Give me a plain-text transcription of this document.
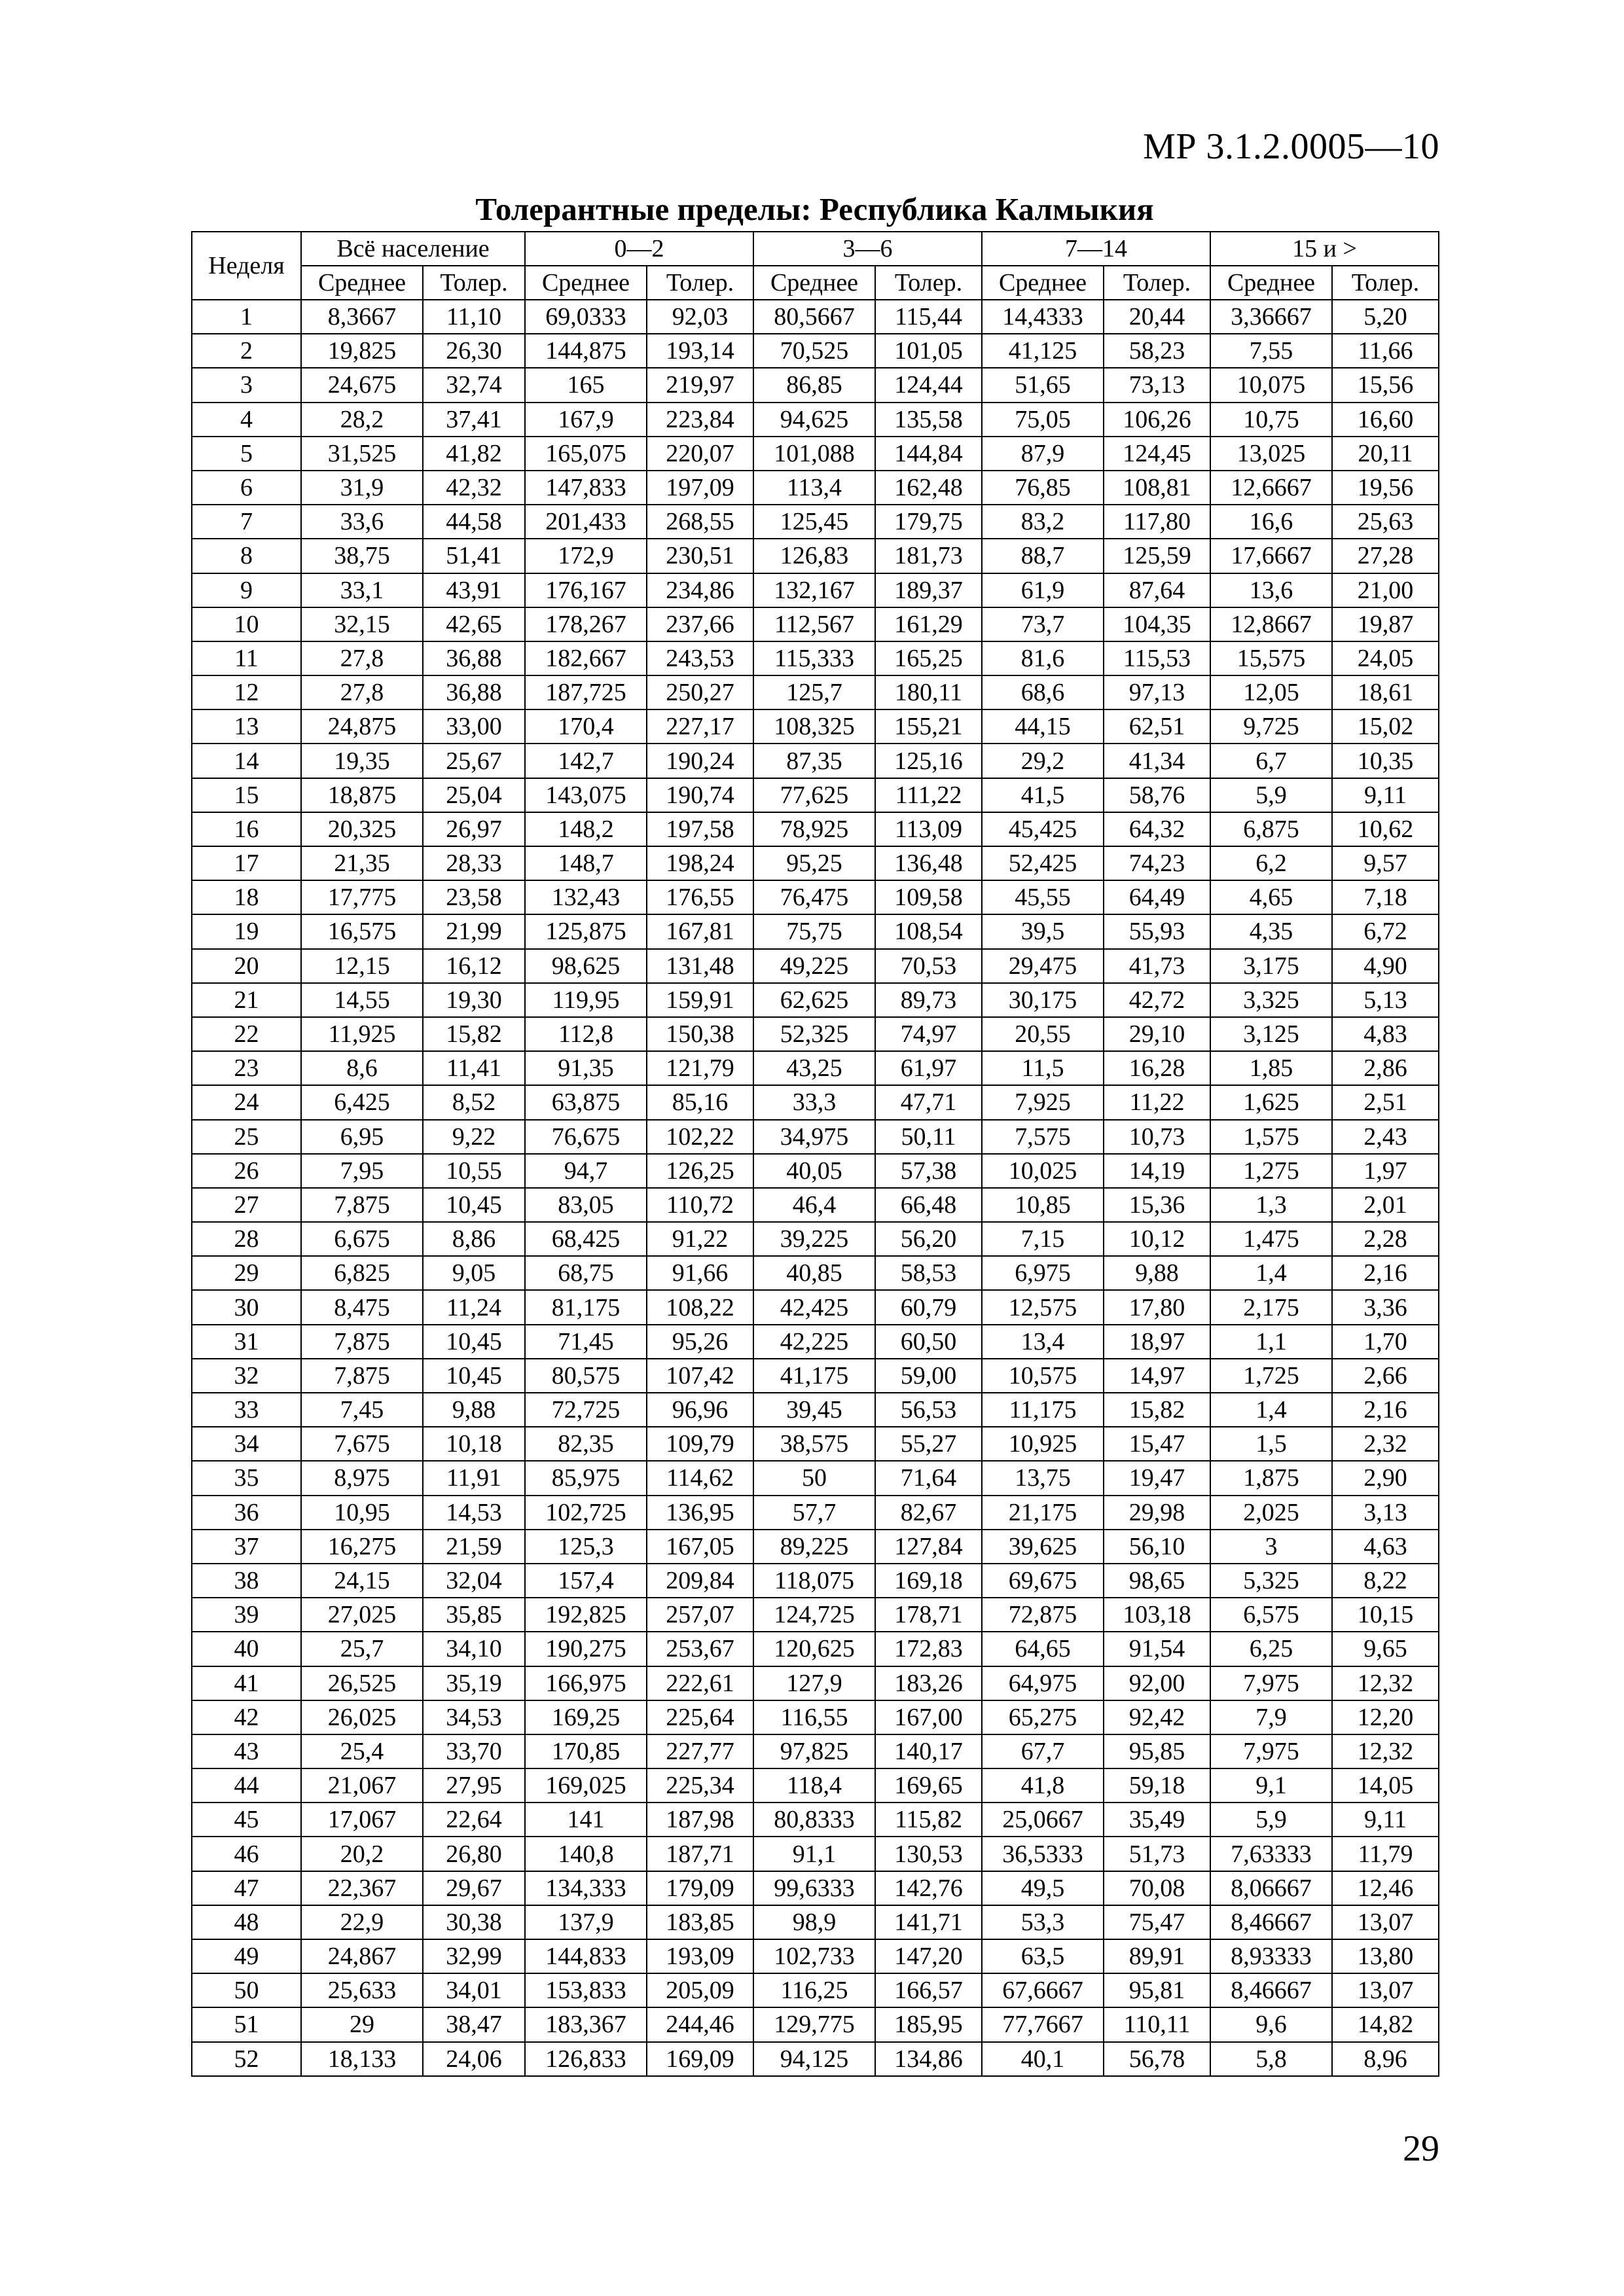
МР 3.1.2.0005—10
Толерантные пределы: Республика Калмыкия
Неделя	Всё население		0—2		3—6		7—14		15 и >	
	Среднее	Толер.	Среднее	Толер.	Среднее	Толер.	Среднее	Толер.	Среднее	Толер.
1	8,3667	11,10	69,0333	92,03	80,5667	115,44	14,4333	20,44	3,36667	5,20
2	19,825	26,30	144,875	193,14	70,525	101,05	41,125	58,23	7,55	11,66
3	24,675	32,74	165	219,97	86,85	124,44	51,65	73,13	10,075	15,56
4	28,2	37,41	167,9	223,84	94,625	135,58	75,05	106,26	10,75	16,60
5	31,525	41,82	165,075	220,07	101,088	144,84	87,9	124,45	13,025	20,11
6	31,9	42,32	147,833	197,09	113,4	162,48	76,85	108,81	12,6667	19,56
7	33,6	44,58	201,433	268,55	125,45	179,75	83,2	117,80	16,6	25,63
8	38,75	51,41	172,9	230,51	126,83	181,73	88,7	125,59	17,6667	27,28
9	33,1	43,91	176,167	234,86	132,167	189,37	61,9	87,64	13,6	21,00
10	32,15	42,65	178,267	237,66	112,567	161,29	73,7	104,35	12,8667	19,87
11	27,8	36,88	182,667	243,53	115,333	165,25	81,6	115,53	15,575	24,05
12	27,8	36,88	187,725	250,27	125,7	180,11	68,6	97,13	12,05	18,61
13	24,875	33,00	170,4	227,17	108,325	155,21	44,15	62,51	9,725	15,02
14	19,35	25,67	142,7	190,24	87,35	125,16	29,2	41,34	6,7	10,35
15	18,875	25,04	143,075	190,74	77,625	111,22	41,5	58,76	5,9	9,11
16	20,325	26,97	148,2	197,58	78,925	113,09	45,425	64,32	6,875	10,62
17	21,35	28,33	148,7	198,24	95,25	136,48	52,425	74,23	6,2	9,57
18	17,775	23,58	132,43	176,55	76,475	109,58	45,55	64,49	4,65	7,18
19	16,575	21,99	125,875	167,81	75,75	108,54	39,5	55,93	4,35	6,72
20	12,15	16,12	98,625	131,48	49,225	70,53	29,475	41,73	3,175	4,90
21	14,55	19,30	119,95	159,91	62,625	89,73	30,175	42,72	3,325	5,13
22	11,925	15,82	112,8	150,38	52,325	74,97	20,55	29,10	3,125	4,83
23	8,6	11,41	91,35	121,79	43,25	61,97	11,5	16,28	1,85	2,86
24	6,425	8,52	63,875	85,16	33,3	47,71	7,925	11,22	1,625	2,51
25	6,95	9,22	76,675	102,22	34,975	50,11	7,575	10,73	1,575	2,43
26	7,95	10,55	94,7	126,25	40,05	57,38	10,025	14,19	1,275	1,97
27	7,875	10,45	83,05	110,72	46,4	66,48	10,85	15,36	1,3	2,01
28	6,675	8,86	68,425	91,22	39,225	56,20	7,15	10,12	1,475	2,28
29	6,825	9,05	68,75	91,66	40,85	58,53	6,975	9,88	1,4	2,16
30	8,475	11,24	81,175	108,22	42,425	60,79	12,575	17,80	2,175	3,36
31	7,875	10,45	71,45	95,26	42,225	60,50	13,4	18,97	1,1	1,70
32	7,875	10,45	80,575	107,42	41,175	59,00	10,575	14,97	1,725	2,66
33	7,45	9,88	72,725	96,96	39,45	56,53	11,175	15,82	1,4	2,16
34	7,675	10,18	82,35	109,79	38,575	55,27	10,925	15,47	1,5	2,32
35	8,975	11,91	85,975	114,62	50	71,64	13,75	19,47	1,875	2,90
36	10,95	14,53	102,725	136,95	57,7	82,67	21,175	29,98	2,025	3,13
37	16,275	21,59	125,3	167,05	89,225	127,84	39,625	56,10	3	4,63
38	24,15	32,04	157,4	209,84	118,075	169,18	69,675	98,65	5,325	8,22
39	27,025	35,85	192,825	257,07	124,725	178,71	72,875	103,18	6,575	10,15
40	25,7	34,10	190,275	253,67	120,625	172,83	64,65	91,54	6,25	9,65
41	26,525	35,19	166,975	222,61	127,9	183,26	64,975	92,00	7,975	12,32
42	26,025	34,53	169,25	225,64	116,55	167,00	65,275	92,42	7,9	12,20
43	25,4	33,70	170,85	227,77	97,825	140,17	67,7	95,85	7,975	12,32
44	21,067	27,95	169,025	225,34	118,4	169,65	41,8	59,18	9,1	14,05
45	17,067	22,64	141	187,98	80,8333	115,82	25,0667	35,49	5,9	9,11
46	20,2	26,80	140,8	187,71	91,1	130,53	36,5333	51,73	7,63333	11,79
47	22,367	29,67	134,333	179,09	99,6333	142,76	49,5	70,08	8,06667	12,46
48	22,9	30,38	137,9	183,85	98,9	141,71	53,3	75,47	8,46667	13,07
49	24,867	32,99	144,833	193,09	102,733	147,20	63,5	89,91	8,93333	13,80
50	25,633	34,01	153,833	205,09	116,25	166,57	67,6667	95,81	8,46667	13,07
51	29	38,47	183,367	244,46	129,775	185,95	77,7667	110,11	9,6	14,82
52	18,133	24,06	126,833	169,09	94,125	134,86	40,1	56,78	5,8	8,96
29
